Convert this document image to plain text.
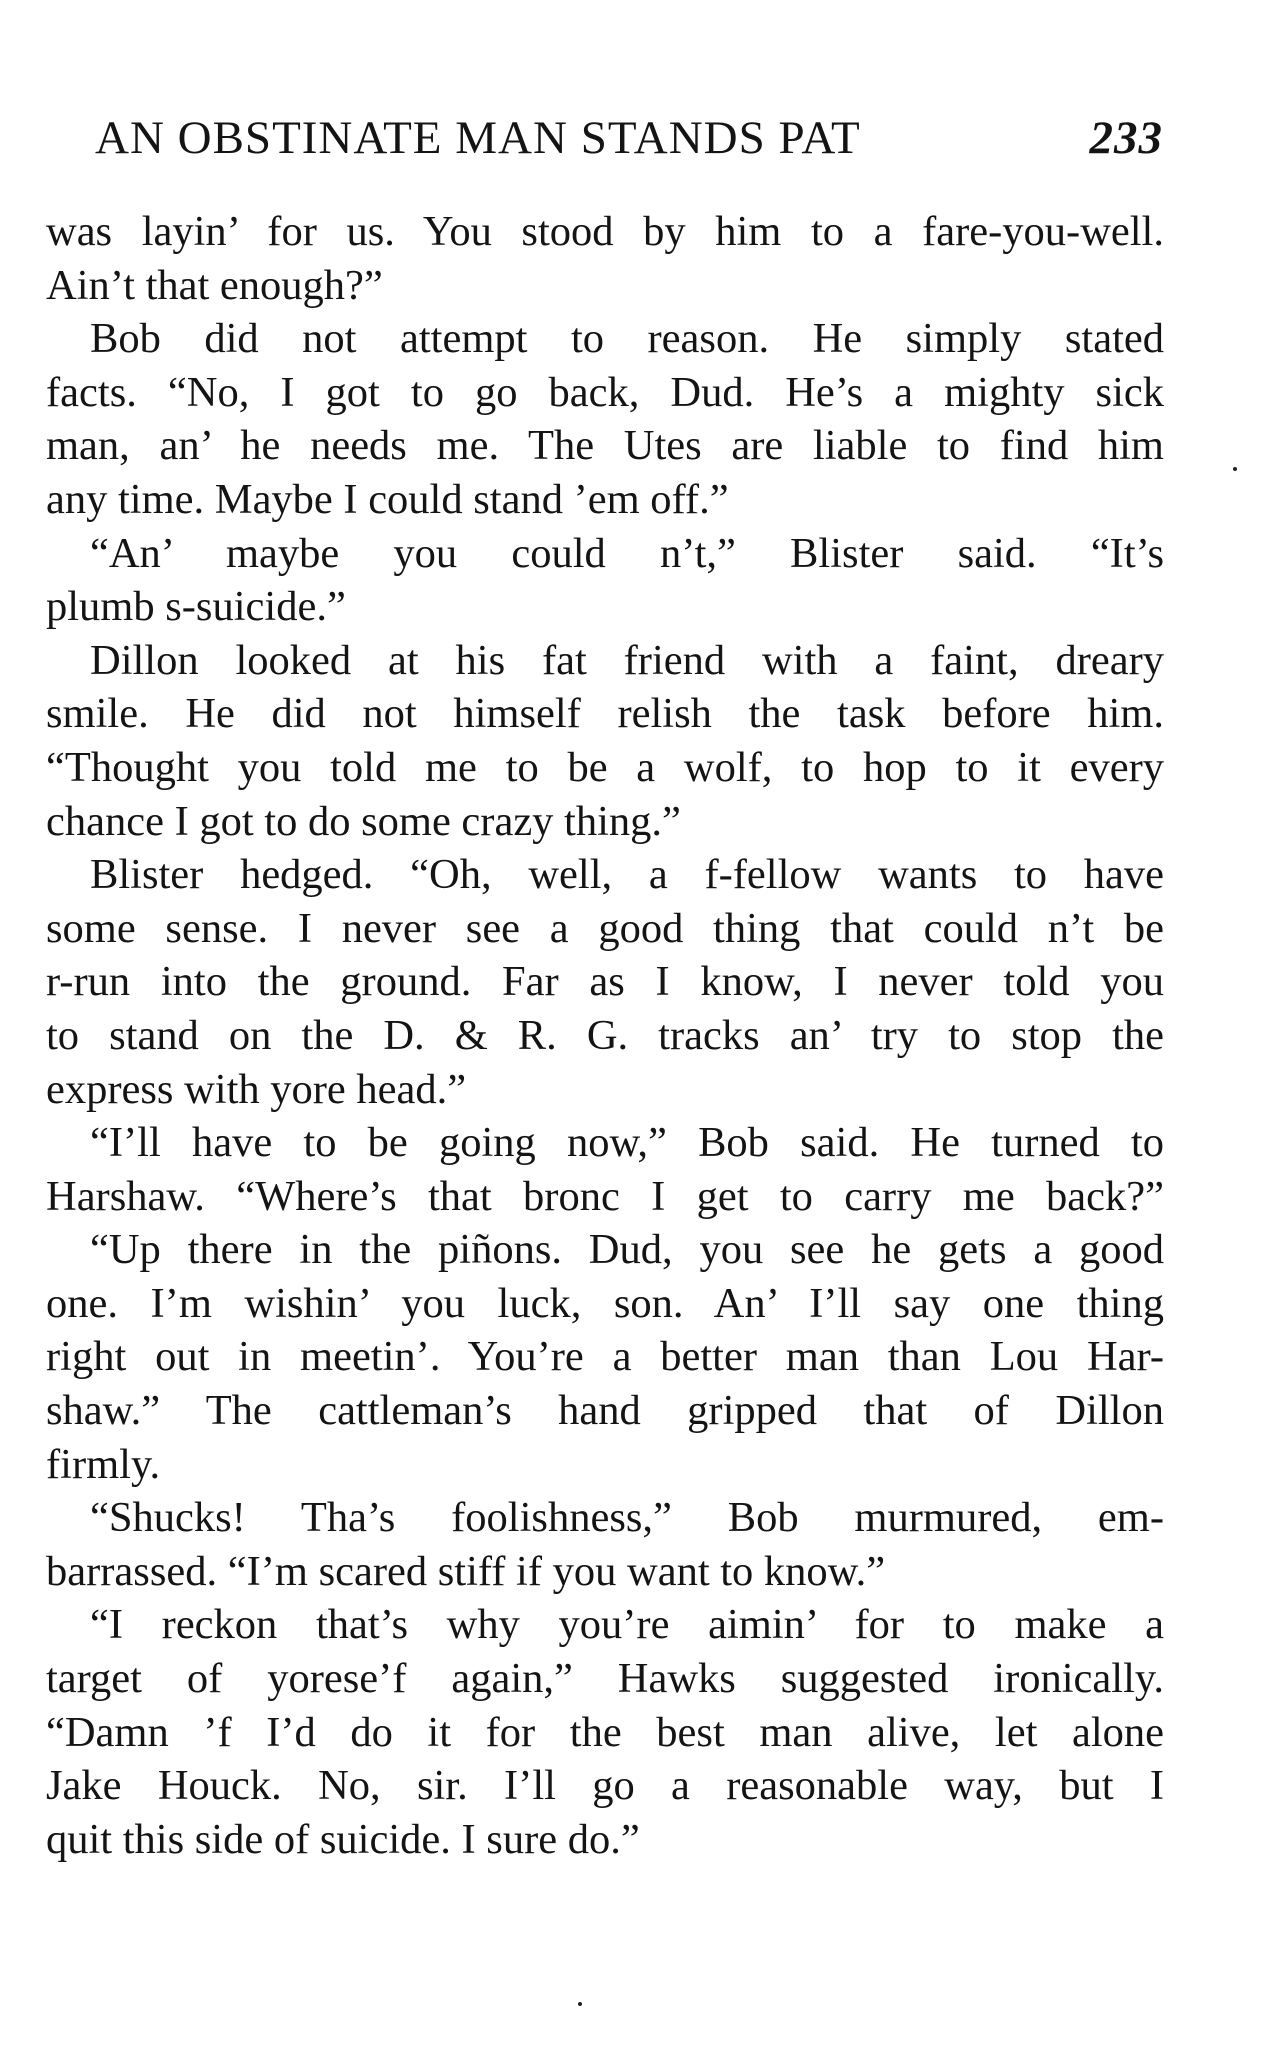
AN OBSTINATE MAN STANDS PAT	233
was layin’ for us. You stood by him to a fare-you-well.
Ain’t that enough?”
Bob did not attempt to reason. He simply stated
facts. “No, I got to go back, Dud. He’s a mighty sick
man, an’ he needs me. The Utes are liable to find him
any time. Maybe I could stand ’em off.”
“An’ maybe you could n’t,” Blister said. “It’s
plumb s-suicide.”
Dillon looked at his fat friend with a faint, dreary
smile. He did not himself relish the task before him.
“Thought you told me to be a wolf, to hop to it every
chance I got to do some crazy thing.”
Blister hedged. “Oh, well, a f-fellow wants to have
some sense. I never see a good thing that could n’t be
r-run into the ground. Far as I know, I never told you
to stand on the D. & R. G. tracks an’ try to stop the
express with yore head.”
“I’ll have to be going now,” Bob said. He turned to
Harshaw. “Where’s that bronc I get to carry me back?”
“Up there in the piñons. Dud, you see he gets a good
one. I’m wishin’ you luck, son. An’ I’ll say one thing
right out in meetin’. You’re a better man than Lou Har-
shaw.” The cattleman’s hand gripped that of Dillon
firmly.
“Shucks! Tha’s foolishness,” Bob murmured, em-
barrassed. “I’m scared stiff if you want to know.”
“I reckon that’s why you’re aimin’ for to make a
target of yorese’f again,” Hawks suggested ironically.
“Damn ’f I’d do it for the best man alive, let alone
Jake Houck. No, sir. I’ll go a reasonable way, but I
quit this side of suicide. I sure do.”
